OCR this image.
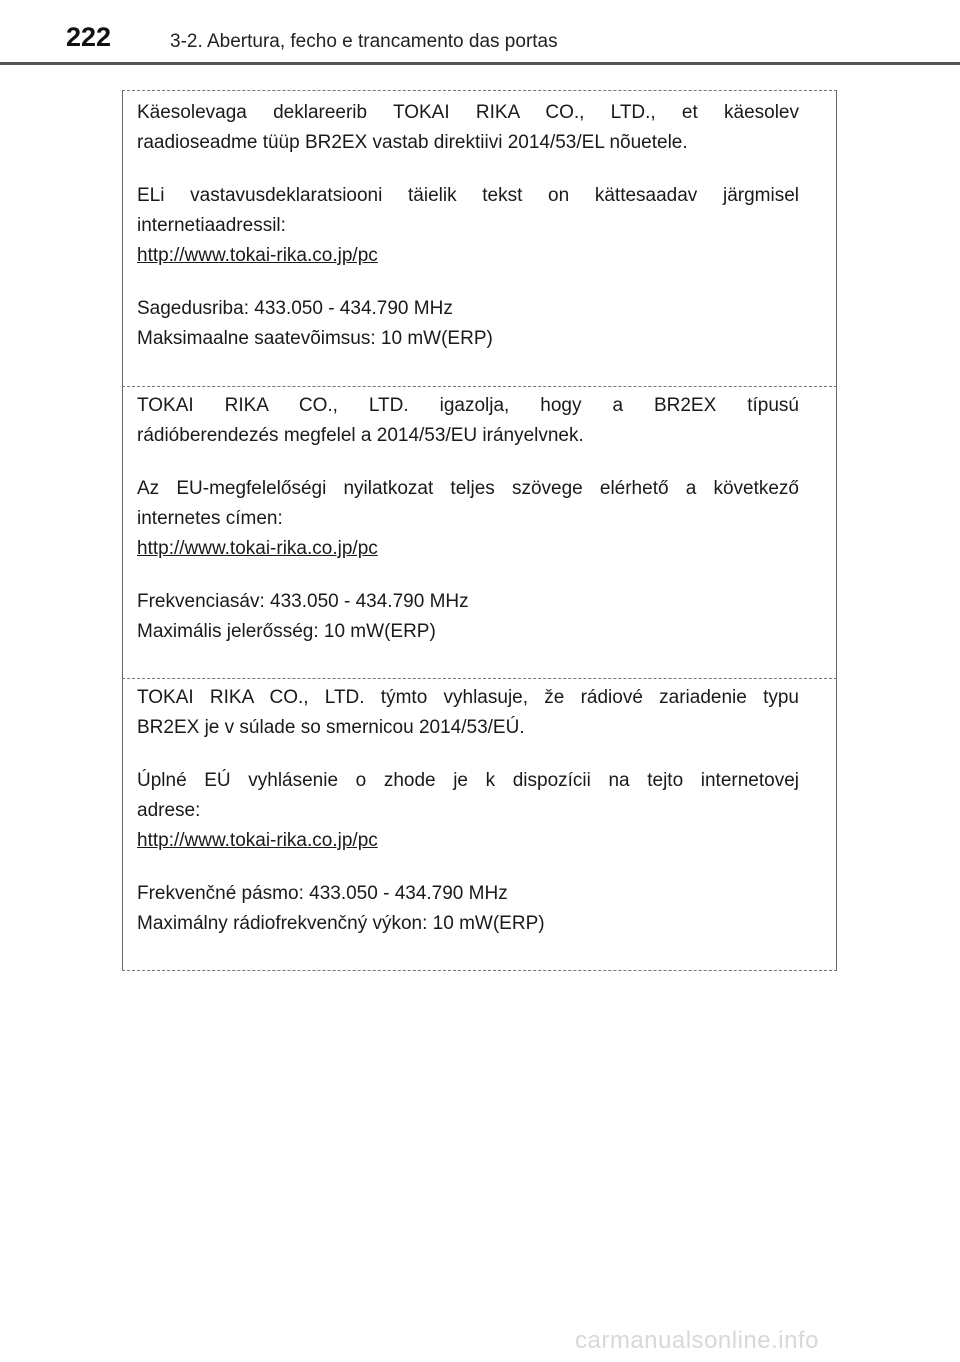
222	3-2. Abertura, fecho e trancamento das portas

Käesolevaga deklareerib TOKAI RIKA CO., LTD., et käesolev

raadioseadme tüüp BR2EX vastab direktiivi 2014/53/EL nõuetele.

ELi vastavusdeklaratsiooni täielik tekst on kättesaadav järgmisel

internetiaadressil:

http://www.tokai-rika.co.jp/pc

Sagedusriba: 433.050 - 434.790 MHz

Maksimaalne saatevõimsus: 10 mW(ERP)

TOKAI RIKA CO., LTD. igazolja, hogy a BR2EX típusú

rádióberendezés megfelel a 2014/53/EU irányelvnek.

Az EU-megfelelőségi nyilatkozat teljes szövege elérhető a következő

internetes címen:

http://www.tokai-rika.co.jp/pc

Frekvenciasáv: 433.050 - 434.790 MHz

Maximális jelerősség: 10 mW(ERP)

TOKAI RIKA CO., LTD. týmto vyhlasuje, že rádiové zariadenie typu

BR2EX je v súlade so smernicou 2014/53/EÚ.

Úplné EÚ vyhlásenie o zhode je k dispozícii na tejto internetovej

adrese:

http://www.tokai-rika.co.jp/pc

Frekvenčné pásmo: 433.050 - 434.790 MHz

Maximálny rádiofrekvenčný výkon: 10 mW(ERP)

carmanualsonline.info
